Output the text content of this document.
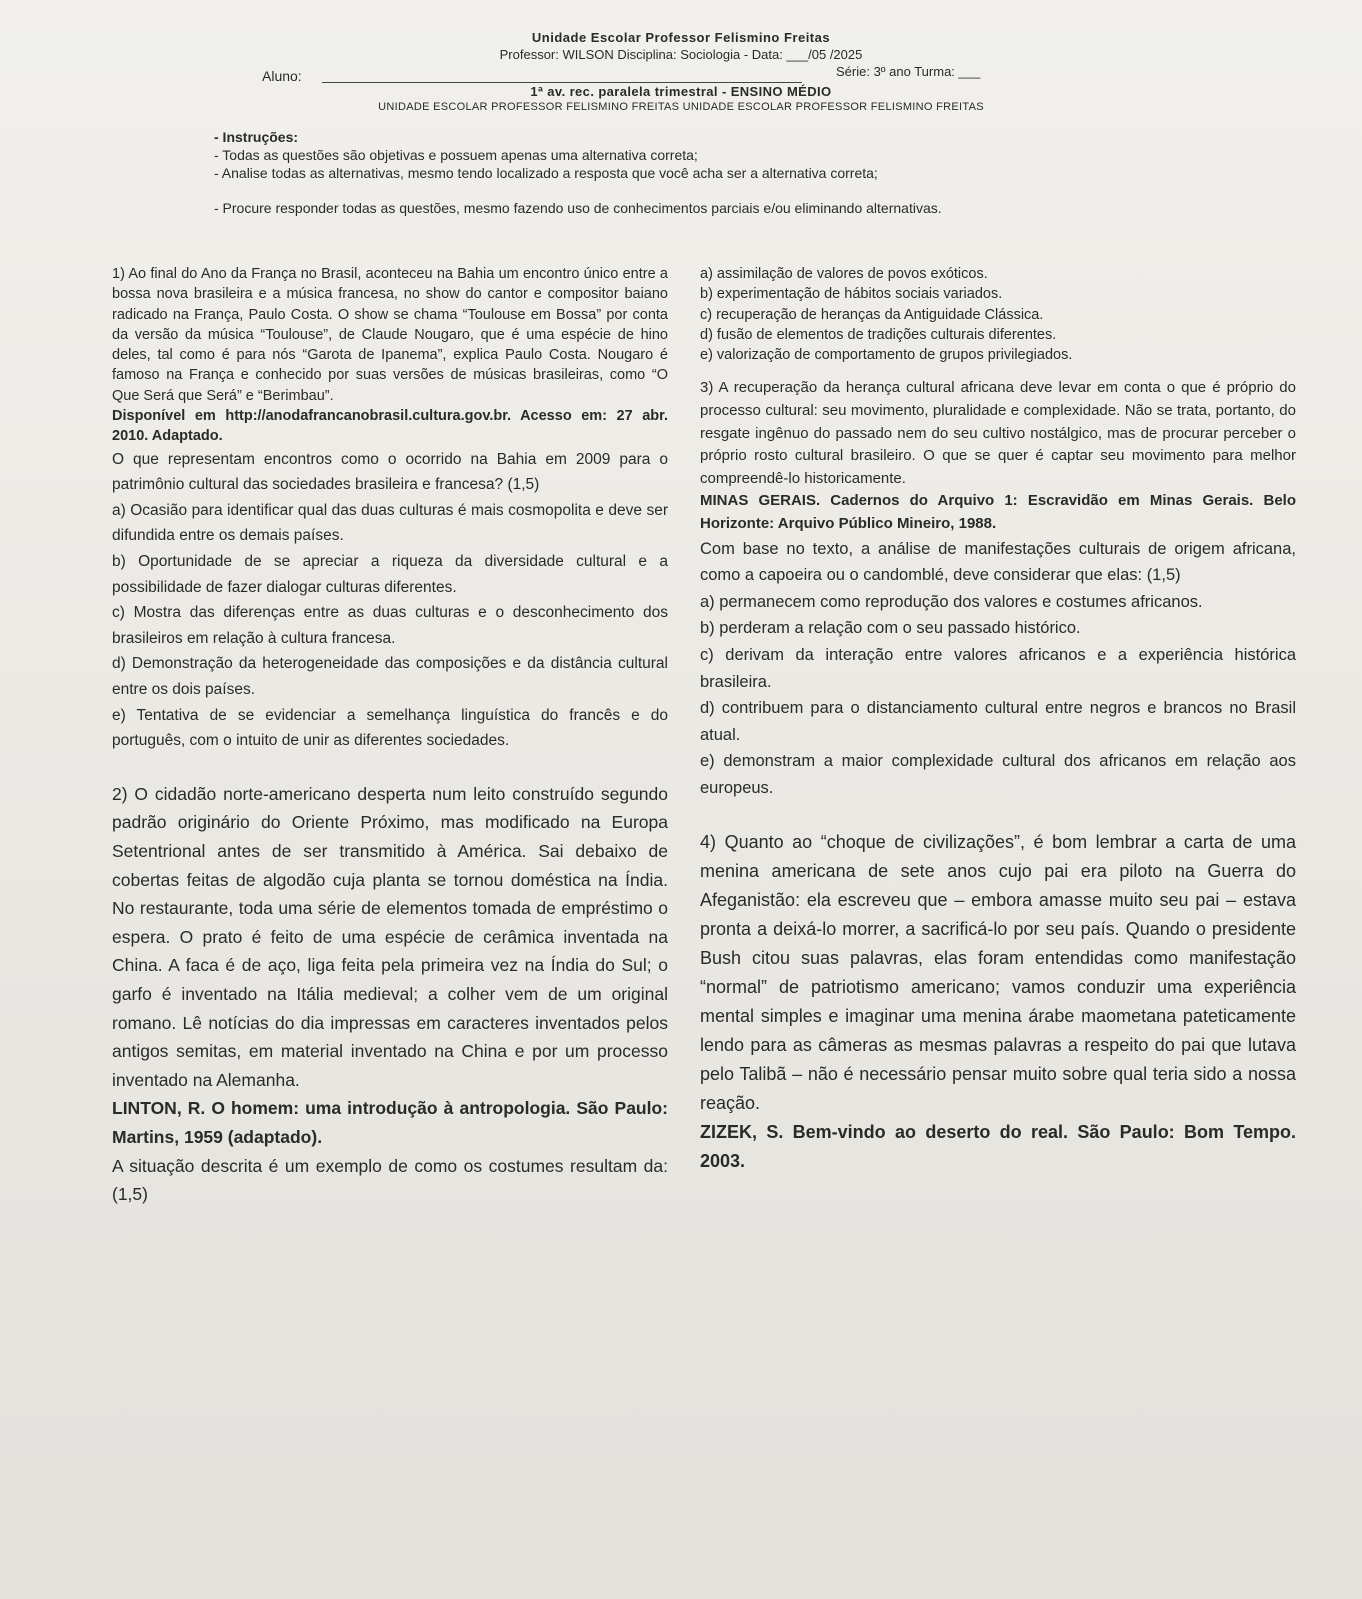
Unidade Escolar Professor Felismino Freitas
Professor: WILSON Disciplina: Sociologia - Data: ___/05 /2025
Aluno:	Série: 3º ano Turma: ___
1ª av. rec. paralela trimestral - ENSINO MÉDIO
UNIDADE ESCOLAR PROFESSOR FELISMINO FREITAS UNIDADE ESCOLAR PROFESSOR FELISMINO FREITAS
- Instruções:
- Todas as questões são objetivas e possuem apenas uma alternativa correta;
- Analise todas as alternativas, mesmo tendo localizado a resposta que você acha ser a alternativa correta;
- Procure responder todas as questões, mesmo fazendo uso de conhecimentos parciais e/ou eliminando alternativas.

1) Ao final do Ano da França no Brasil, aconteceu na Bahia um encontro único entre a bossa nova brasileira e a música francesa, no show do cantor e compositor baiano radicado na França, Paulo Costa. O show se chama “Toulouse em Bossa” por conta da versão da música “Toulouse”, de Claude Nougaro, que é uma espécie de hino deles, tal como é para nós “Garota de Ipanema”, explica Paulo Costa. Nougaro é famoso na França e conhecido por suas versões de músicas brasileiras, como “O Que Será que Será” e “Berimbau”.

Disponível em http://anodafrancanobrasil.cultura.gov.br. Acesso em: 27 abr. 2010. Adaptado.

O que representam encontros como o ocorrido na Bahia em 2009 para o patrimônio cultural das sociedades brasileira e francesa? (1,5)

a) Ocasião para identificar qual das duas culturas é mais cosmopolita e deve ser difundida entre os demais países.

b) Oportunidade de se apreciar a riqueza da diversidade cultural e a possibilidade de fazer dialogar culturas diferentes.

c) Mostra das diferenças entre as duas culturas e o desconhecimento dos brasileiros em relação à cultura francesa.

d) Demonstração da heterogeneidade das composições e da distância cultural entre os dois países.

e) Tentativa de se evidenciar a semelhança linguística do francês e do português, com o intuito de unir as diferentes sociedades.

2) O cidadão norte-americano desperta num leito construído segundo padrão originário do Oriente Próximo, mas modificado na Europa Setentrional antes de ser transmitido à América. Sai debaixo de cobertas feitas de algodão cuja planta se tornou doméstica na Índia. No restaurante, toda uma série de elementos tomada de empréstimo o espera. O prato é feito de uma espécie de cerâmica inventada na China. A faca é de aço, liga feita pela primeira vez na Índia do Sul; o garfo é inventado na Itália medieval; a colher vem de um original romano. Lê notícias do dia impressas em caracteres inventados pelos antigos semitas, em material inventado na China e por um processo inventado na Alemanha.

LINTON, R. O homem: uma introdução à antropologia. São Paulo: Martins, 1959 (adaptado).

A situação descrita é um exemplo de como os costumes resultam da: (1,5)

a) assimilação de valores de povos exóticos.

b) experimentação de hábitos sociais variados.

c) recuperação de heranças da Antiguidade Clássica.

d) fusão de elementos de tradições culturais diferentes.

e) valorização de comportamento de grupos privilegiados.

3) A recuperação da herança cultural africana deve levar em conta o que é próprio do processo cultural: seu movimento, pluralidade e complexidade. Não se trata, portanto, do resgate ingênuo do passado nem do seu cultivo nostálgico, mas de procurar perceber o próprio rosto cultural brasileiro. O que se quer é captar seu movimento para melhor compreendê-lo historicamente.

MINAS GERAIS. Cadernos do Arquivo 1: Escravidão em Minas Gerais. Belo Horizonte: Arquivo Público Mineiro, 1988.

Com base no texto, a análise de manifestações culturais de origem africana, como a capoeira ou o candomblé, deve considerar que elas: (1,5)

a) permanecem como reprodução dos valores e costumes africanos.

b) perderam a relação com o seu passado histórico.

c) derivam da interação entre valores africanos e a experiência histórica brasileira.

d) contribuem para o distanciamento cultural entre negros e brancos no Brasil atual.

e) demonstram a maior complexidade cultural dos africanos em relação aos europeus.

4) Quanto ao “choque de civilizações”, é bom lembrar a carta de uma menina americana de sete anos cujo pai era piloto na Guerra do Afeganistão: ela escreveu que – embora amasse muito seu pai – estava pronta a deixá-lo morrer, a sacrificá-lo por seu país. Quando o presidente Bush citou suas palavras, elas foram entendidas como manifestação “normal” de patriotismo americano; vamos conduzir uma experiência mental simples e imaginar uma menina árabe maometana pateticamente lendo para as câmeras as mesmas palavras a respeito do pai que lutava pelo Talibã – não é necessário pensar muito sobre qual teria sido a nossa reação.

ZIZEK, S. Bem-vindo ao deserto do real. São Paulo: Bom Tempo. 2003.
